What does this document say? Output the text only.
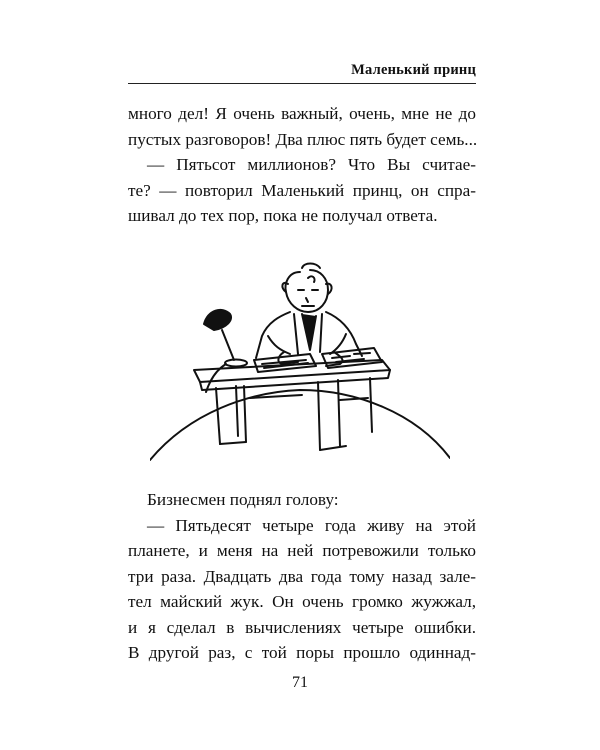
Маленький принц
много дел! Я очень важный, очень, мне не до
пустых разговоров! Два плюс пять будет семь...
— Пятьсот миллионов? Что Вы считае-
те? — повторил Маленький принц, он спра-
шивал до тех пор, пока не получал ответа.
Бизнесмен поднял голову:
— Пятьдесят четыре года живу на этой
планете, и меня на ней потревожили только
три раза. Двадцать два года тому назад зале-
тел майский жук. Он очень громко жужжал,
и я сделал в вычислениях четыре ошибки.
В другой раз, с той поры прошло одиннад-
71
